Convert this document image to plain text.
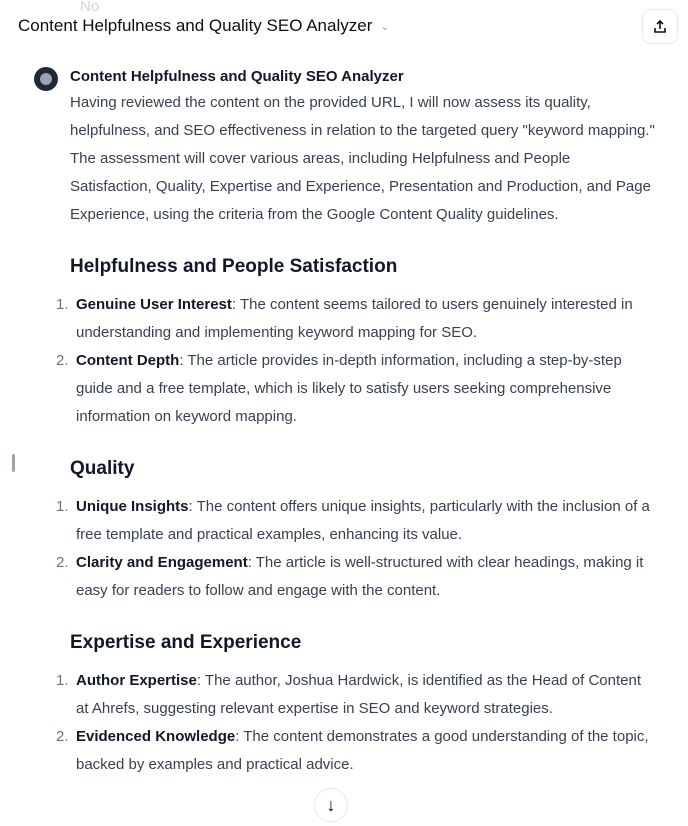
No
Content Helpfulness and Quality SEO Analyzer ⌄
Content Helpfulness and Quality SEO Analyzer

Having reviewed the content on the provided URL, I will now assess its quality, helpfulness, and SEO effectiveness in relation to the targeted query "keyword mapping." The assessment will cover various areas, including Helpfulness and People Satisfaction, Quality, Expertise and Experience, Presentation and Production, and Page Experience, using the criteria from the Google Content Quality guidelines.

Helpfulness and People Satisfaction
1. Genuine User Interest: The content seems tailored to users genuinely interested in understanding and implementing keyword mapping for SEO.
2. Content Depth: The article provides in-depth information, including a step-by-step guide and a free template, which is likely to satisfy users seeking comprehensive information on keyword mapping.
Quality
1. Unique Insights: The content offers unique insights, particularly with the inclusion of a free template and practical examples, enhancing its value.
2. Clarity and Engagement: The article is well-structured with clear headings, making it easy for readers to follow and engage with the content.
Expertise and Experience
1. Author Expertise: The author, Joshua Hardwick, is identified as the Head of Content at Ahrefs, suggesting relevant expertise in SEO and keyword strategies.
2. Evidenced Knowledge: The content demonstrates a good understanding of the topic, backed by examples and practical advice.
↓
